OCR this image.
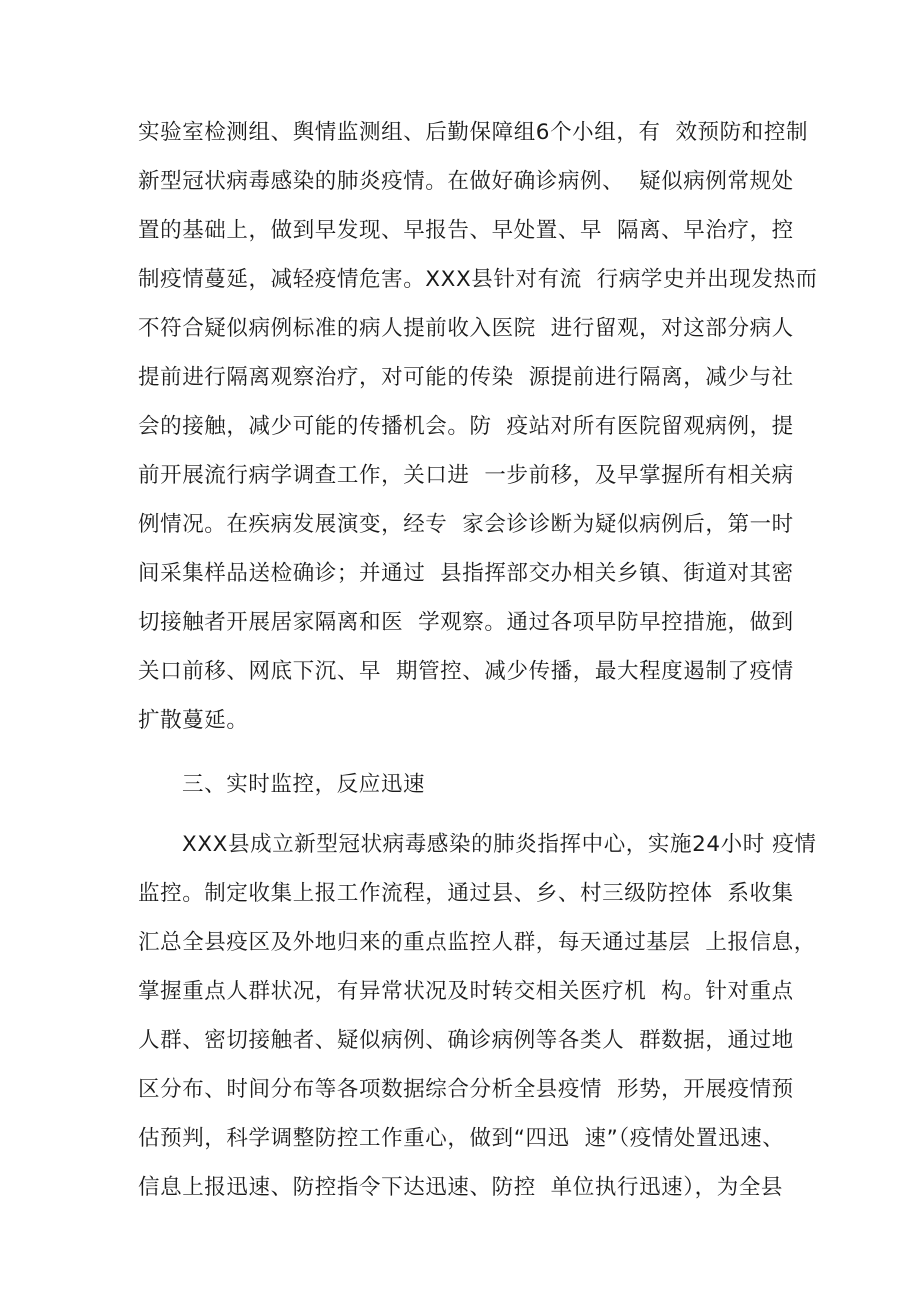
实验室检测组、舆情监测组、后勤保障组6个小组，有  效预防和控制
新型冠状病毒感染的肺炎疫情。在做好确诊病例、  疑似病例常规处
置的基础上，做到早发现、早报告、早处置、早  隔离、早治疗，控
制疫情蔓延，减轻疫情危害。XXX县针对有流  行病学史并出现发热而
不符合疑似病例标准的病人提前收入医院  进行留观，对这部分病人
提前进行隔离观察治疗，对可能的传染  源提前进行隔离，减少与社
会的接触，减少可能的传播机会。防  疫站对所有医院留观病例，提
前开展流行病学调查工作，关口进  一步前移，及早掌握所有相关病
例情况。在疾病发展演变，经专  家会诊诊断为疑似病例后，第一时
间采集样品送检确诊；并通过  县指挥部交办相关乡镇、街道对其密
切接触者开展居家隔离和医  学观察。通过各项早防早控措施，做到
关口前移、网底下沉、早  期管控、减少传播，最大程度遏制了疫情
扩散蔓延。
三、实时监控，反应迅速
XXX县成立新型冠状病毒感染的肺炎指挥中心，实施24小时 疫情
监控。制定收集上报工作流程，通过县、乡、村三级防控体  系收集
汇总全县疫区及外地归来的重点监控人群，每天通过基层  上报信息，
掌握重点人群状况，有异常状况及时转交相关医疗机  构。针对重点
人群、密切接触者、疑似病例、确诊病例等各类人  群数据，通过地
区分布、时间分布等各项数据综合分析全县疫情  形势，开展疫情预
估预判，科学调整防控工作重心，做到“四迅  速”（疫情处置迅速、
信息上报迅速、防控指令下达迅速、防控  单位执行迅速），为全县
